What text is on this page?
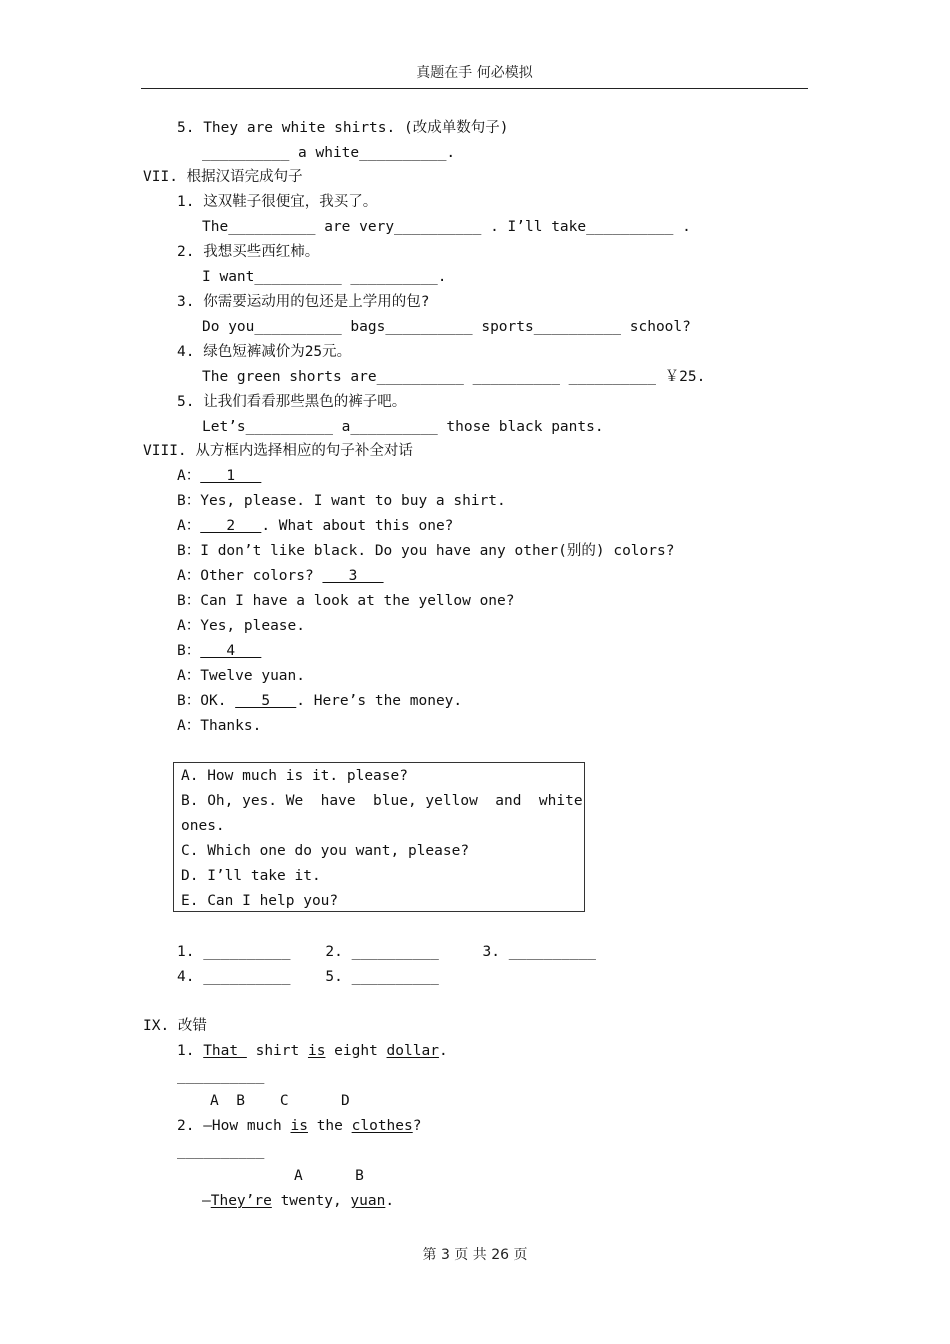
真题在手 何必模拟
5. They are white shirts. (改成单数句子)
__________ a white__________.
VII. 根据汉语完成句子
1. 这双鞋子很便宜，我买了。
The__________ are very__________ . I’ll take__________ .
2. 我想买些西红柿。
I want__________ __________.
3. 你需要运动用的包还是上学用的包?
Do you__________ bags__________ sports__________ school?
4. 绿色短裤减价为25元。
The green shorts are__________ __________ __________ ￥25.
5. 让我们看看那些黑色的裤子吧。
Let’s__________ a__________ those black pants.
VIII. 从方框内选择相应的句子补全对话
A：   1
B：Yes, please. I want to buy a shirt.
A：   2   . What about this one?
B：I don’t like black. Do you have any other(别的) colors?
A：Other colors?    3
B：Can I have a look at the yellow one?
A：Yes, please.
B：   4
A：Twelve yuan.
B：OK.    5   . Here’s the money.
A：Thanks.
A. How much is it. please?
B. Oh, yes. We  have  blue, yellow  and  white
ones.
C. Which one do you want, please?
D. I’ll take it.
E. Can I help you?
1. __________    2. __________     3. __________
4. __________    5. __________
IX. 改错
1. That  shirt is eight dollar.
__________
A  B    C      D
2. —How much is the clothes?
__________
A      B
—They’re twenty, yuan.
第 3 页 共 26 页
